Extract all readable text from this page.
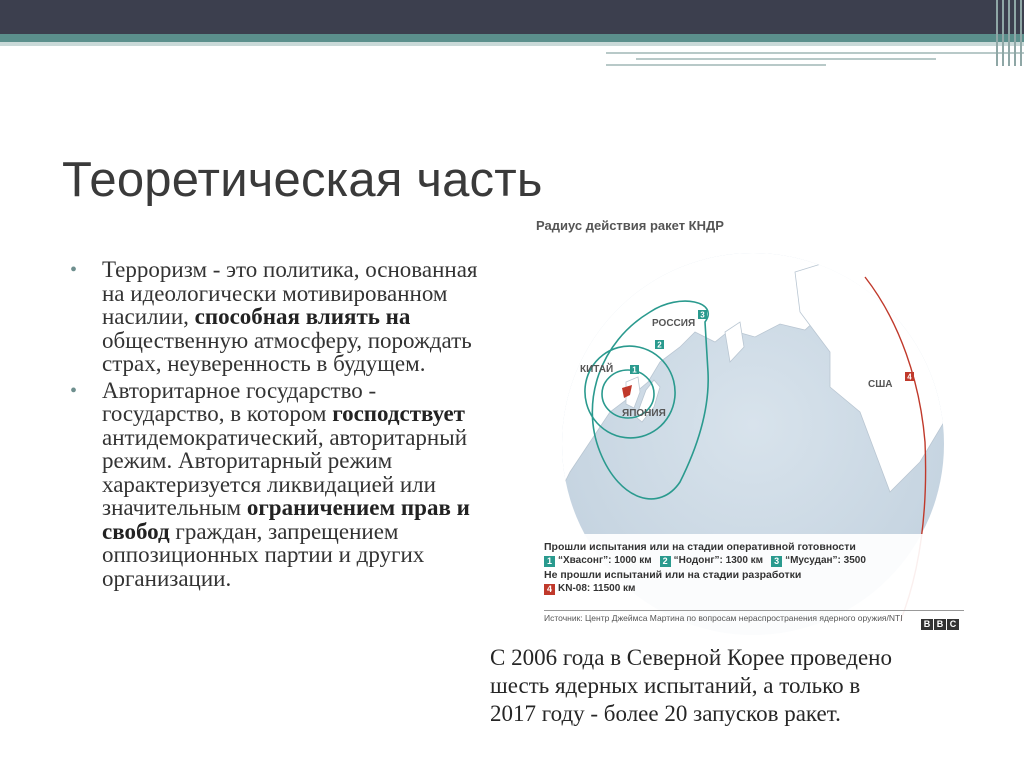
Теоретическая часть
• Терроризм - это политика, основанная на идеологически мотивированном насилии, способная влиять на общественную атмосферу, порождать страх, неуверенность в будущем.
• Авторитарное государство - государство, в котором господствует антидемократический, авторитарный режим. Авторитарный режим характеризуется ликвидацией или значительным ограничением прав и свобод граждан, запрещением оппозиционных партии и других организации.
РОССИЯ
КИТАЙ
ЯПОНИЯ
США
1
2
3
4
Радиус действия ракет КНДР
Прошли испытания или на стадии оперативной готовности
1 “Хвасонг”: 1000 км	2 “Нодонг”: 1300 км	3 “Мусудан”: 3500
Не прошли испытаний или на стадии разработки
4 KN-08: 11500 км
Источник: Центр Джеймса Мартина по вопросам нераспространения ядерного оружия/NTI
B B C
С 2006 года в Северной Корее проведено
шесть ядерных испытаний, а только в
2017 году - более 20 запусков ракет.
